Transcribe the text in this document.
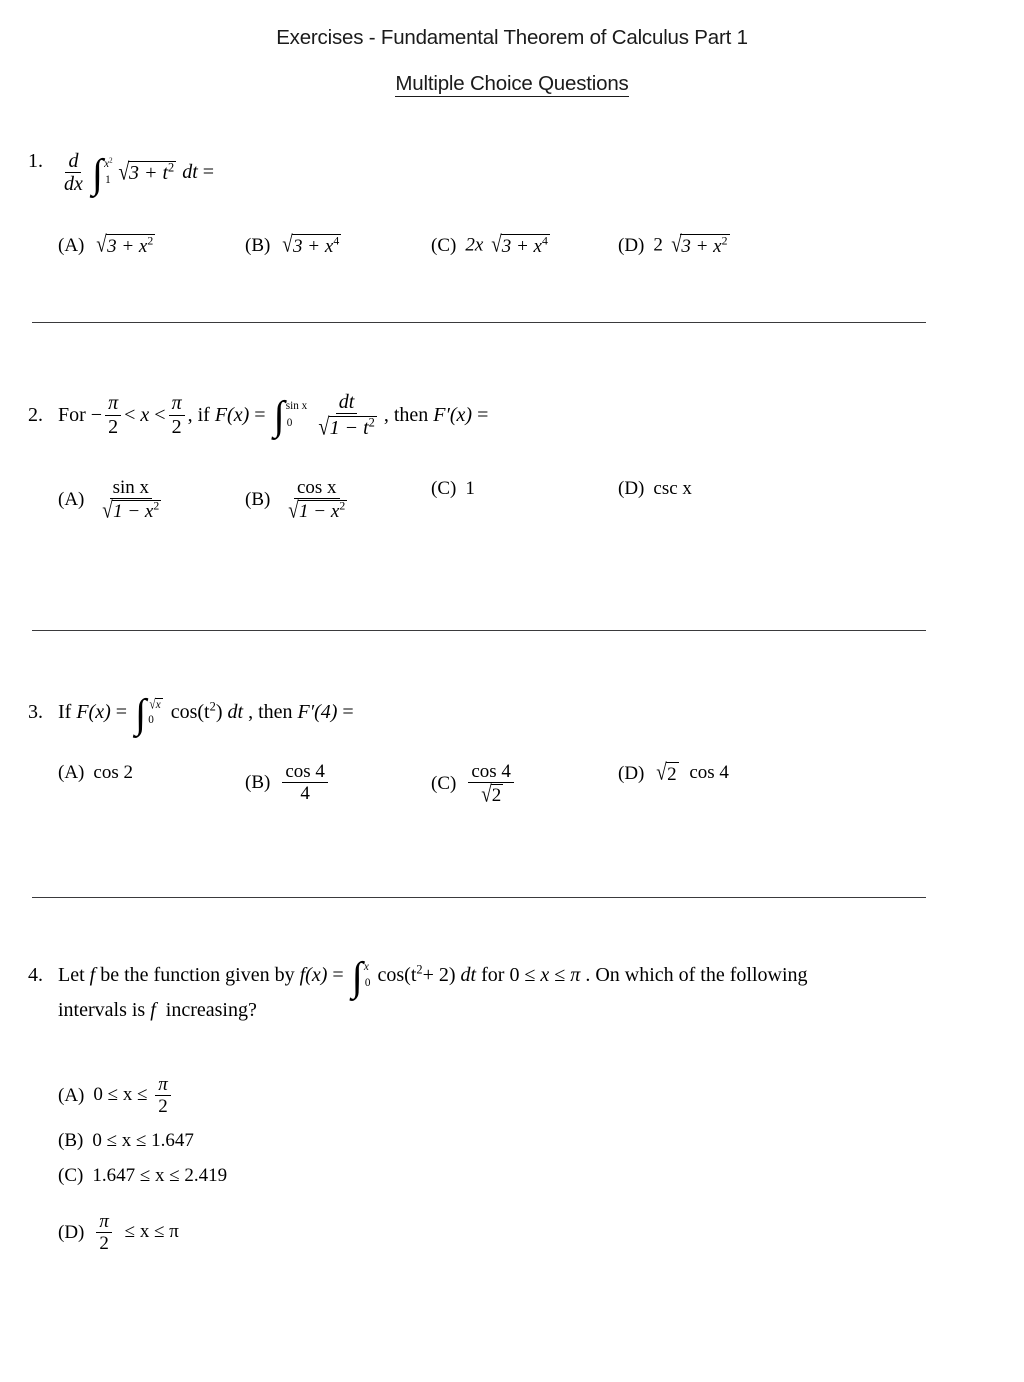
Exercises - Fundamental Theorem of Calculus Part 1
Multiple Choice Questions
1. $\frac{d}{dx}$ ∫ $x^2$
1 √ $3 + t^2$ dt =
(A) √ $3 + x^2$	(B) √ $3 + x^4$	(C) 2x √ $3 + x^4$	(D) 2 √ $3 + x^2$
2. For − $\frac{\pi}{2} < x < \frac{\pi}{2}$ , if F(x) = ∫ sin x
$0 \frac{dt}{√ 1 - t^2}$ , then F′(x) =
$(A) \frac{\text{sin x}}{√ 1 - x^2}$	$(B) \frac{\text{cos x}}{√ 1 - x^2}$	(C) 1	(D) csc x
3. If F(x) = ∫ √ x
0 $\cos(t^2)$ dt , then F′(4) =
(A) cos 2	$(B) \frac{\cos 4}{4}$	$(C) \frac{\cos 4}{√ 2}$	(D) √ 2 cos 4
4. Let f be the function given by f(x) = ∫ x
0 $\cos(t^2+ 2)$ dt for 0 ≤ x ≤ π . On which of the following
intervals is f increasing?
(A) $0 \le x \le \frac{\pi}{2}$
(B) 0 ≤ x ≤ 1.647
(C) 1.647 ≤ x ≤ 2.419
$(D) \frac{\pi}{2} \le x \le \pi$
